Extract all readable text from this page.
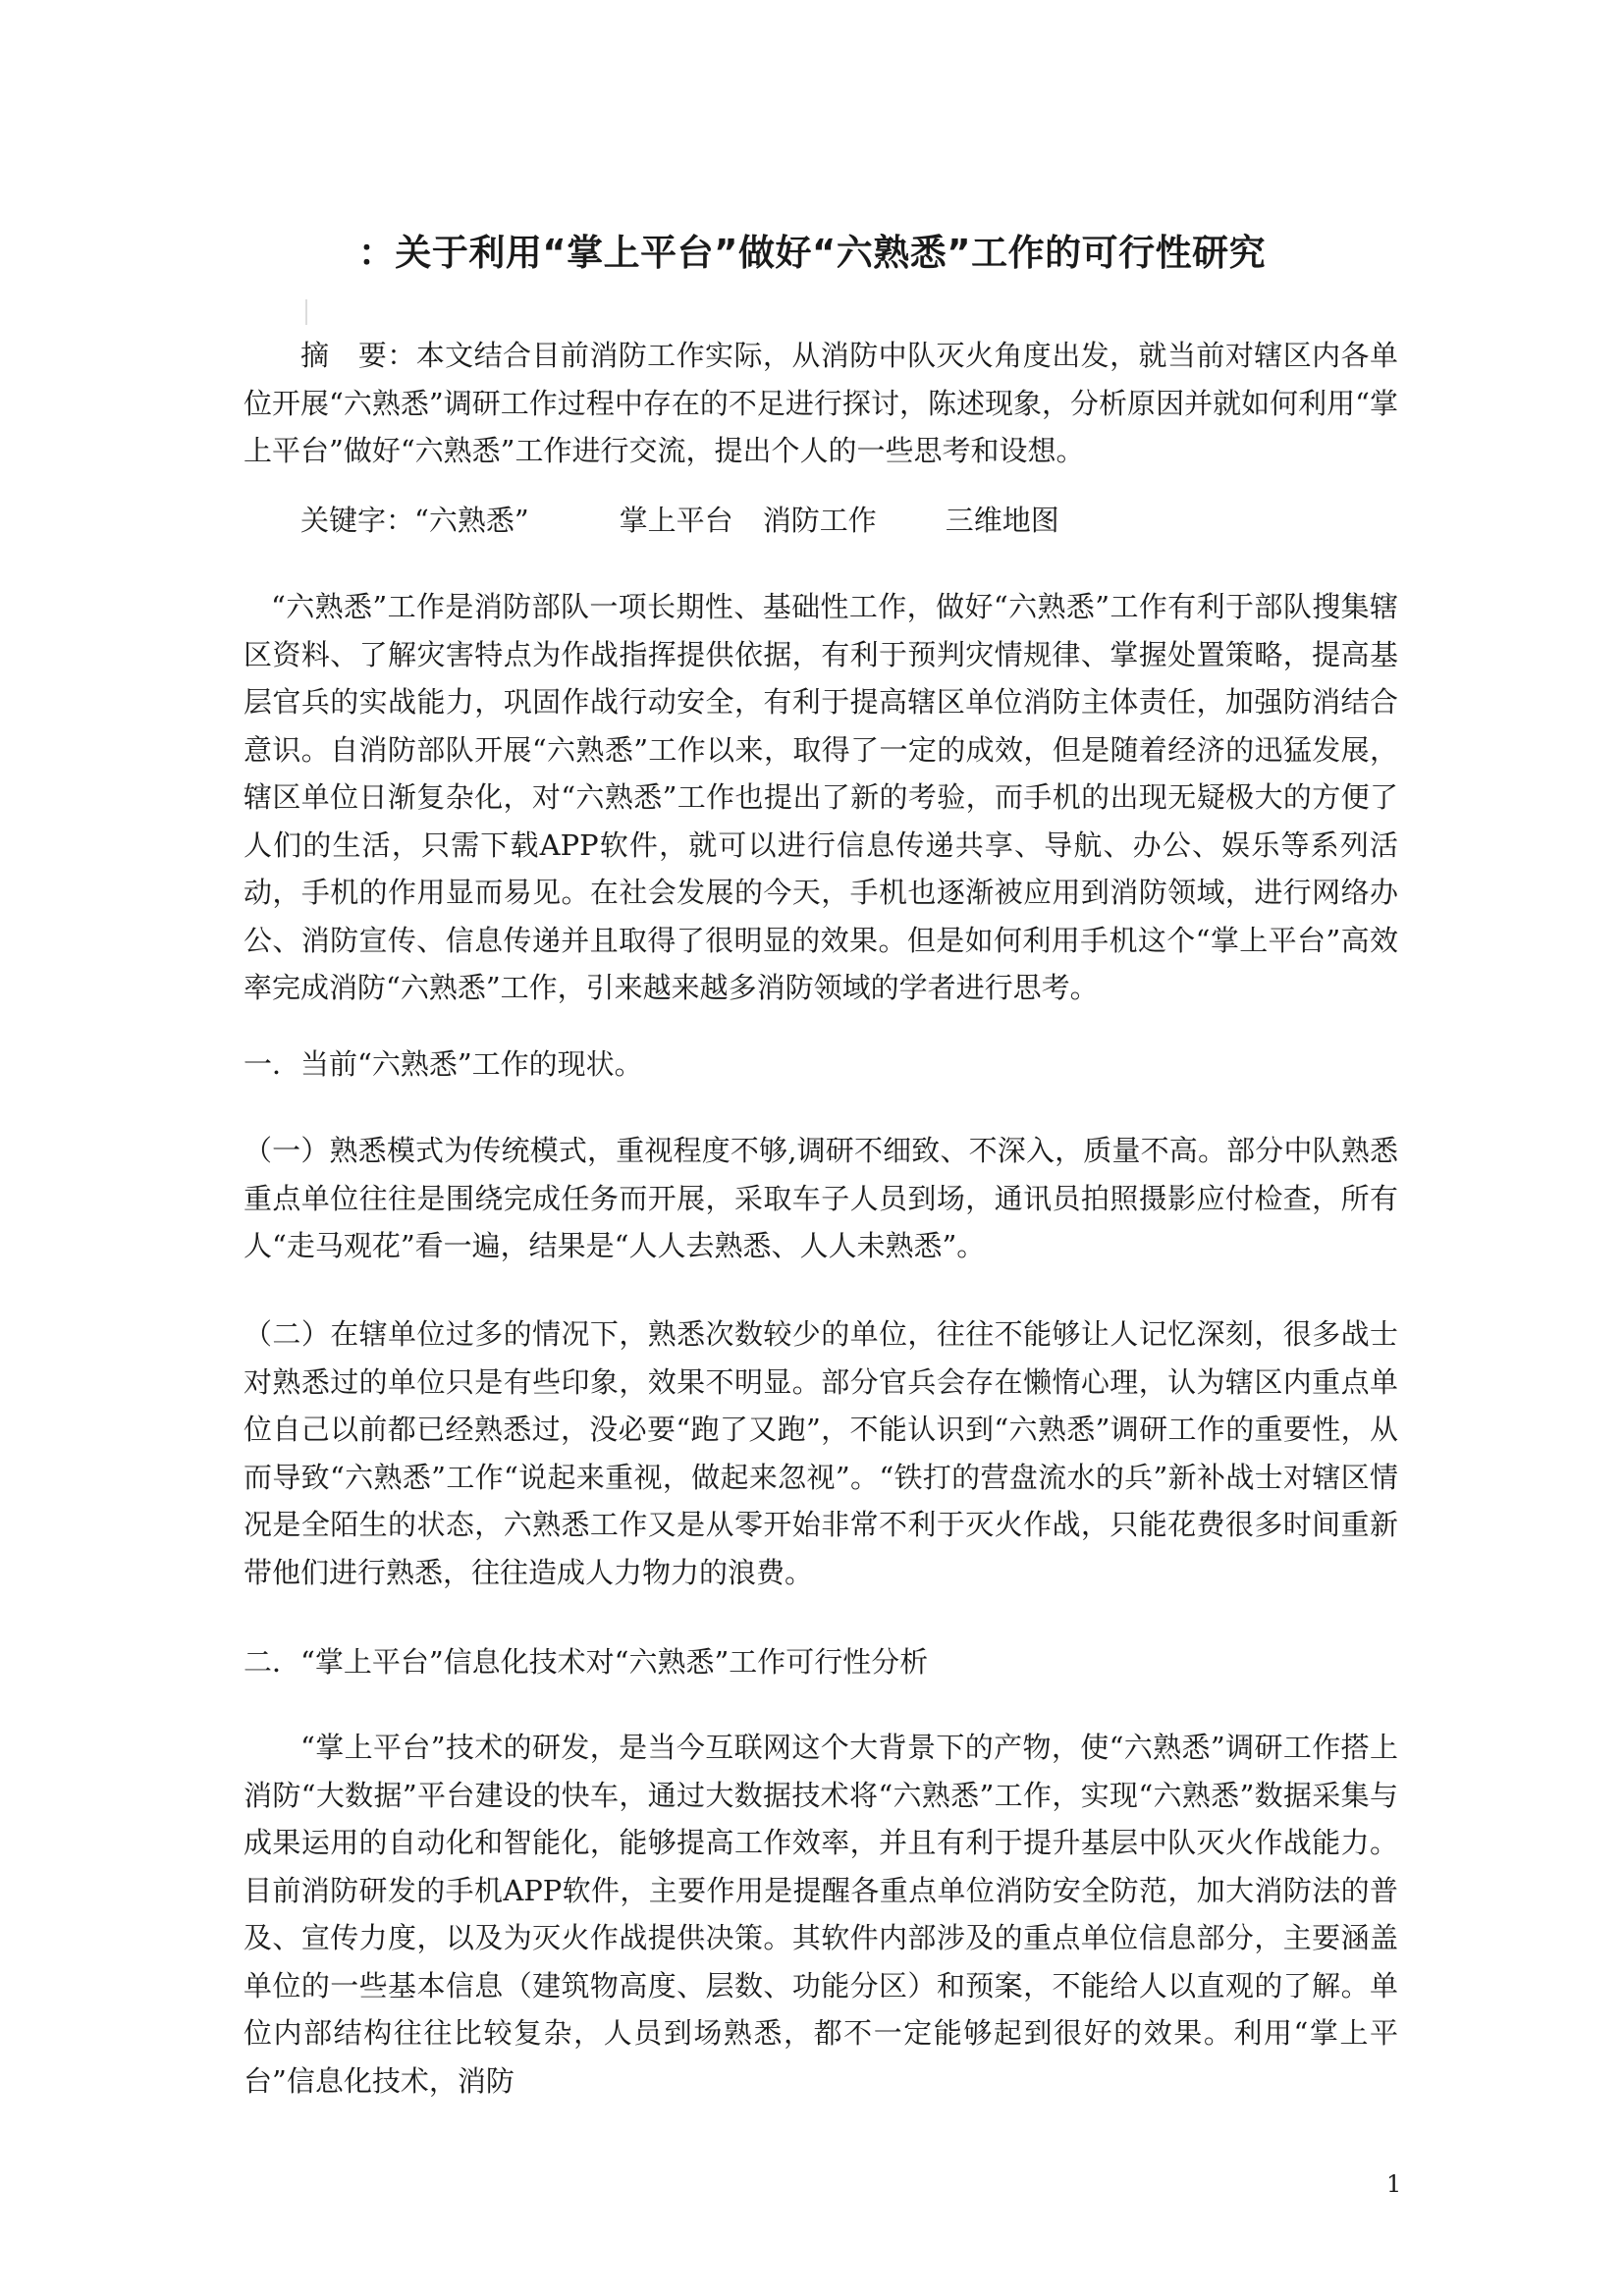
：关于利用“掌上平台”做好“六熟悉”工作的可行性研究

摘　要：本文结合目前消防工作实际，从消防中队灭火角度出发，就当前对辖区内各单位开展“六熟悉”调研工作过程中存在的不足进行探讨，陈述现象，分析原因并就如何利用“掌上平台”做好“六熟悉”工作进行交流，提出个人的一些思考和设想。

关键字：“六熟悉”	掌上平台 消防工作 三维地图

“六熟悉”工作是消防部队一项长期性、基础性工作，做好“六熟悉”工作有利于部队搜集辖区资料、了解灾害特点为作战指挥提供依据，有利于预判灾情规律、掌握处置策略，提高基层官兵的实战能力，巩固作战行动安全，有利于提高辖区单位消防主体责任，加强防消结合意识。自消防部队开展“六熟悉”工作以来，取得了一定的成效，但是随着经济的迅猛发展，辖区单位日渐复杂化，对“六熟悉”工作也提出了新的考验，而手机的出现无疑极大的方便了人们的生活，只需下载APP软件，就可以进行信息传递共享、导航、办公、娱乐等系列活动，手机的作用显而易见。在社会发展的今天，手机也逐渐被应用到消防领域，进行网络办公、消防宣传、信息传递并且取得了很明显的效果。但是如何利用手机这个“掌上平台”高效率完成消防“六熟悉”工作，引来越来越多消防领域的学者进行思考。

一．当前“六熟悉”工作的现状。

（一）熟悉模式为传统模式，重视程度不够,调研不细致、不深入，质量不高。部分中队熟悉重点单位往往是围绕完成任务而开展，采取车子人员到场，通讯员拍照摄影应付检查，所有人“走马观花”看一遍，结果是“人人去熟悉、人人未熟悉”。

（二）在辖单位过多的情况下，熟悉次数较少的单位，往往不能够让人记忆深刻，很多战士对熟悉过的单位只是有些印象，效果不明显。部分官兵会存在懒惰心理，认为辖区内重点单位自己以前都已经熟悉过，没必要“跑了又跑”，不能认识到“六熟悉”调研工作的重要性，从而导致“六熟悉”工作“说起来重视，做起来忽视”。“铁打的营盘流水的兵”新补战士对辖区情况是全陌生的状态，六熟悉工作又是从零开始非常不利于灭火作战，只能花费很多时间重新带他们进行熟悉，往往造成人力物力的浪费。

二．“掌上平台”信息化技术对“六熟悉”工作可行性分析

“掌上平台”技术的研发，是当今互联网这个大背景下的产物，使“六熟悉”调研工作搭上消防“大数据”平台建设的快车，通过大数据技术将“六熟悉”工作，实现“六熟悉”数据采集与成果运用的自动化和智能化，能够提高工作效率，并且有利于提升基层中队灭火作战能力。目前消防研发的手机APP软件，主要作用是提醒各重点单位消防安全防范，加大消防法的普及、宣传力度，以及为灭火作战提供决策。其软件内部涉及的重点单位信息部分，主要涵盖单位的一些基本信息（建筑物高度、层数、功能分区）和预案，不能给人以直观的了解。单位内部结构往往比较复杂，人员到场熟悉，都不一定能够起到很好的效果。利用“掌上平台”信息化技术，消防

1
